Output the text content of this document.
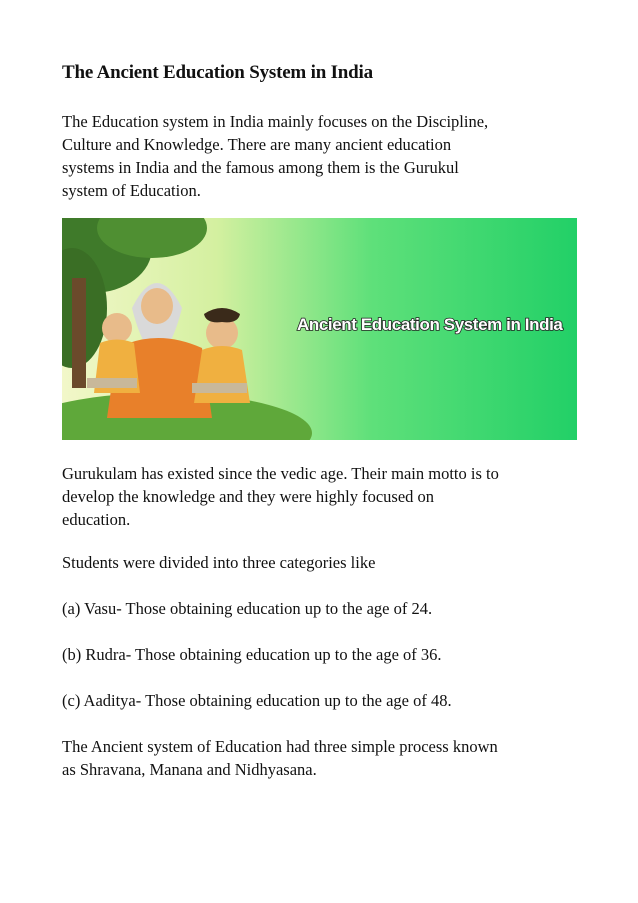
The Ancient Education System in India
The Education system in India mainly focuses on the Discipline,
Culture and Knowledge. There are many ancient education
systems in India and the famous among them is the Gurukul
system of Education.
Ancient Education System in India
Gurukulam has existed since the vedic age. Their main motto is to
develop the knowledge and they were highly focused on
education.
Students were divided into three categories like
(a) Vasu- Those obtaining education up to the age of 24.
(b) Rudra- Those obtaining education up to the age of 36.
(c) Aaditya- Those obtaining education up to the age of 48.
The Ancient system of Education had three simple process known
as Shravana, Manana and Nidhyasana.
